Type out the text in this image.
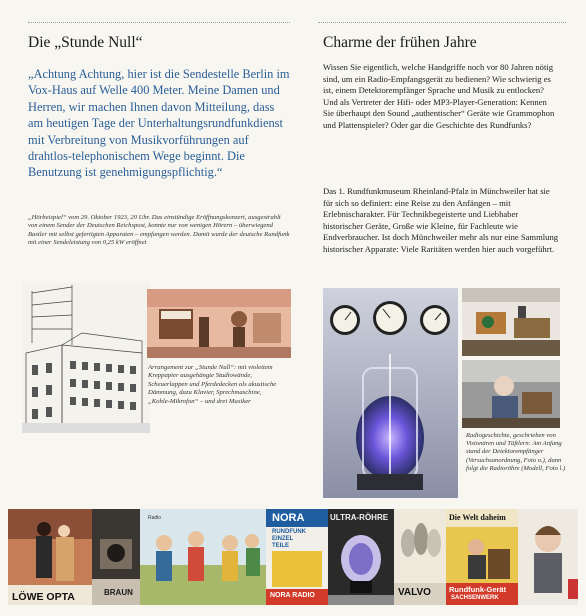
Die „Stunde Null“
„Achtung Achtung, hier ist die Sendestelle Berlin im Vox-Haus auf Welle 400 Meter. Meine Damen und Herren, wir machen Ihnen davon Mitteilung, dass am heutigen Tage der Unterhaltungsrundfunkdienst mit Verbreitung von Musikvorführungen auf drahtlos-telephonischem Wege beginnt. Die Benutzung ist genehmigungspflichtig.“
„Hörbeispiel“ vom 29. Oktober 1923, 20 Uhr. Das einstündige Eröffnungskonzert, ausgestrahlt von einem Sender der Deutschen Reichspost, konnte nur von wenigen Hörern – überwiegend Bastler mit selbst gefertigten Apparaten – empfangen werden. Damit wurde der deutsche Rundfunk mit einer Sendeleistung von 0,25 kW eröffnet
Arrangement zur „Stunde Null“: mit violettem Kreppapier ausgehängte Studiowände, Scheuerlappen und Pferdedecken als akustische Dämmung, dazu Klavier, Sprechmaschine, „Kohle-Mikrofon“ – und drei Musiker
Charme der frühen Jahre
Wissen Sie eigentlich, welche Handgriffe noch vor 80 Jahren nötig sind, um ein Radio-Empfangsgerät zu bedienen? Wie schwierig es ist, einem Detektorempfänger Sprache und Musik zu entlocken? Und als Vertreter der Hifi- oder MP3-Player-Generation: Kennen Sie überhaupt den Sound „authentischer“ Geräte wie Grammophon und Plattenspieler? Oder gar die Geschichte des Rundfunks?
Das 1. Rundfunkmuseum Rheinland-Pfalz in Münchweiler hat sie für sich so definiert: eine Reise zu den Anfängen – mit Erlebnischarakter. Für Technikbegeisterte und Liebhaber historischer Geräte, Große wie Kleine, für Fachleute wie Endverbraucher. Ist doch Münchweiler mehr als nur eine Sammlung historischer Apparate: Viele Raritäten werden hier auch vorgeführt.
Radiogeschichte, geschrieben von Visionären und Tüftlern: Am Anfang stand der Detektorempfänger (Versuchsanordnung, Foto o.), dann folgt die Radioröhre (Modell, Foto l.)
LÖWE OPTA	BRAUN
Radio	NORA
RUNDFUNK
EINZEL
TEILE
NORA RADIO
ULTRA-RÖHRE
VALVO
Die Welt daheim
Rundfunk-Gerät
SACHSENWERK
